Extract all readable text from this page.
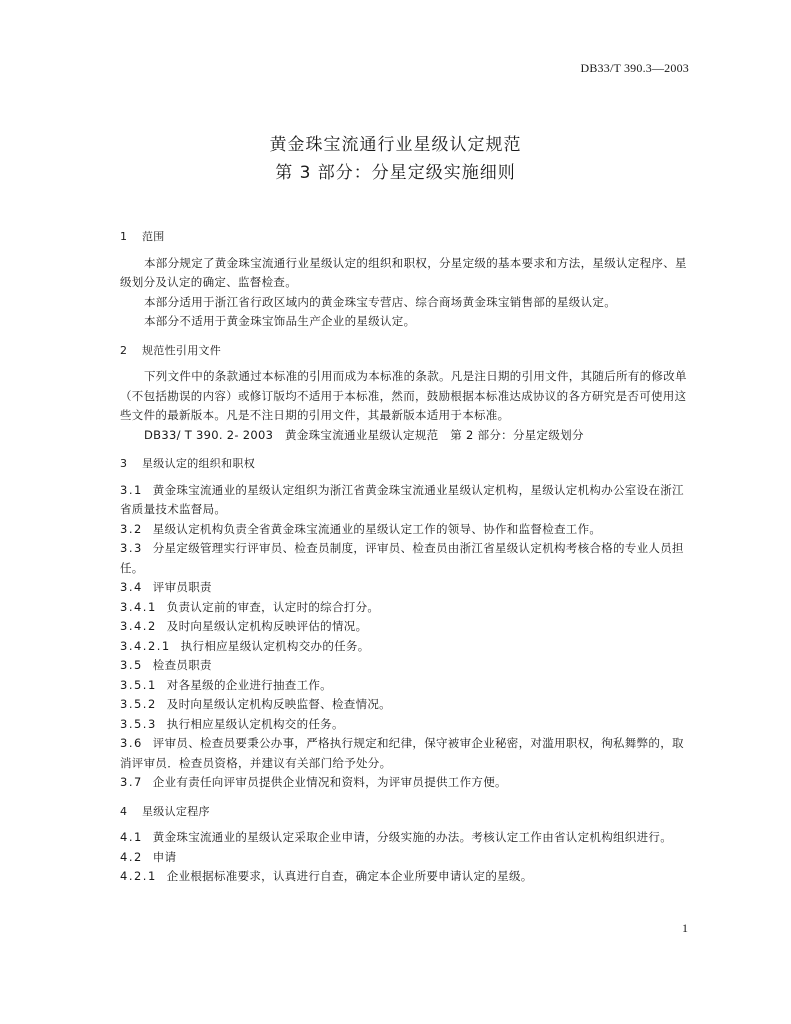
DB33/T 390.3—2003
黄金珠宝流通行业星级认定规范
第 3 部分：分星定级实施细则

1 范围

本部分规定了黄金珠宝流通行业星级认定的组织和职权，分星定级的基本要求和方法，星级认定程序、星级划分及认定的确定、监督检查。

本部分适用于浙江省行政区域内的黄金珠宝专营店、综合商场黄金珠宝销售部的星级认定。

本部分不适用于黄金珠宝饰品生产企业的星级认定。

2 规范性引用文件

下列文件中的条款通过本标准的引用而成为本标准的条款。凡是注日期的引用文件，其随后所有的修改单（不包括勘误的内容）或修订版均不适用于本标准，然而，鼓励根据本标准达成协议的各方研究是否可使用这些文件的最新版本。凡是不注日期的引用文件，其最新版本适用于本标准。

DB33/ T 390. 2- 2003　黄金珠宝流通业星级认定规范　第 2 部分：分星定级划分

3 星级认定的组织和职权

3.1 黄金珠宝流通业的星级认定组织为浙江省黄金珠宝流通业星级认定机构，星级认定机构办公室设在浙江省质量技术监督局。

3.2 星级认定机构负责全省黄金珠宝流通业的星级认定工作的领导、协作和监督检查工作。

3.3 分星定级管理实行评审员、检查员制度，评审员、检查员由浙江省星级认定机构考核合格的专业人员担任。

3.4 评审员职责

3.4.1 负责认定前的审查，认定时的综合打分。

3.4.2 及时向星级认定机构反映评估的情况。

3.4.2.1 执行相应星级认定机构交办的任务。

3.5 检查员职责

3.5.1 对各星级的企业进行抽查工作。

3.5.2 及时向星级认定机构反映监督、检查情况。

3.5.3 执行相应星级认定机构交的任务。

3.6 评审员、检查员要秉公办事，严格执行规定和纪律，保守被审企业秘密，对滥用职权，徇私舞弊的，取消评审员．检查员资格，并建议有关部门给予处分。

3.7 企业有责任向评审员提供企业情况和资料，为评审员提供工作方便。

4 星级认定程序

4.1 黄金珠宝流通业的星级认定采取企业申请，分级实施的办法。考核认定工作由省认定机构组织进行。

4.2 申请

4.2.1 企业根据标准要求，认真进行自查，确定本企业所要申请认定的星级。

1
